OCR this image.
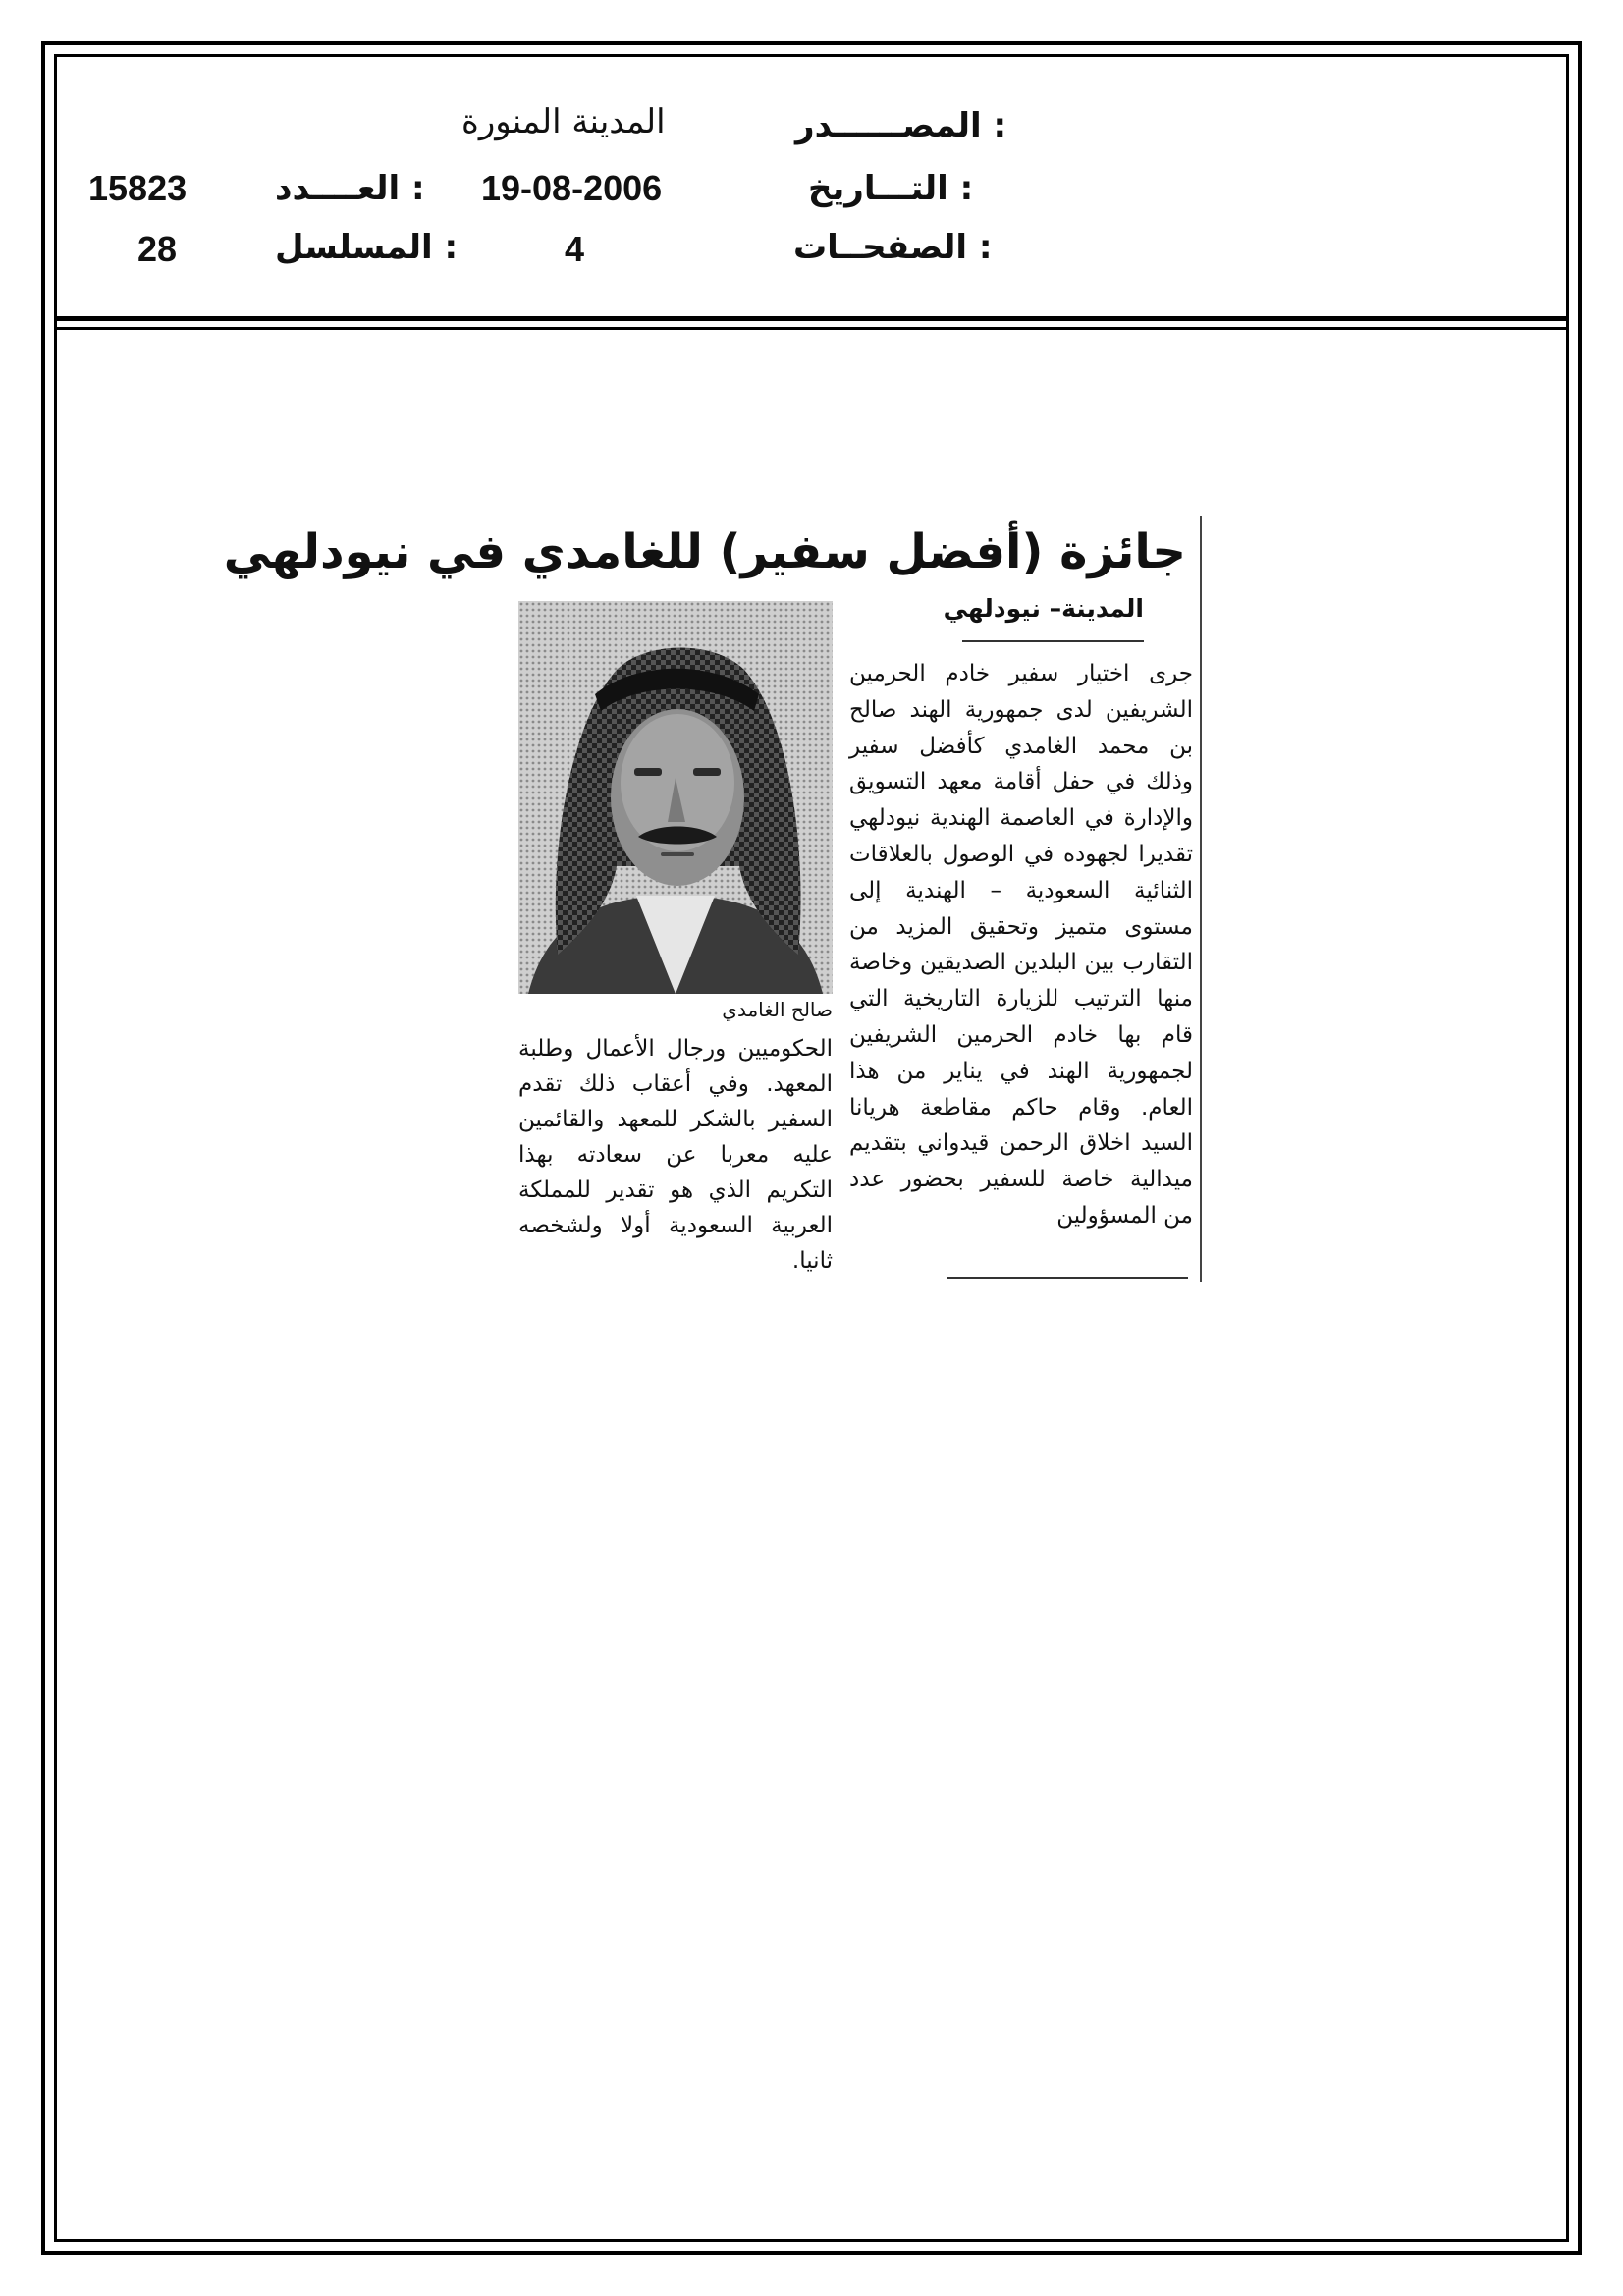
المصــــــدر :
المدينة المنورة
التـــاريخ :
19-08-2006
العــــدد :
15823
الصفحــات :
4
المسلسل :
28
جائزة (أفضل سفير) للغامدي في نيودلهي
المدينة– نيودلهي
جرى اختيار سفير خادم الحرمين الشريفين لدى جمهورية الهند صالح بن محمد الغامدي كأفضل سفير وذلك في حفل أقامة معهد التسويق والإدارة في العاصمة الهندية نيودلهي تقديرا لجهوده في الوصول بالعلاقات الثنائية السعودية – الهندية إلى مستوى متميز وتحقيق المزيد من التقارب بين البلدين الصديقين وخاصة منها الترتيب للزيارة التاريخية التي قام بها خادم الحرمين الشريفين لجمهورية الهند في يناير من هذا العام. وقام حاكم مقاطعة هريانا السيد اخلاق الرحمن قيدواني بتقديم ميدالية خاصة للسفير بحضور عدد من المسؤولين
صالح الغامدي
الحكوميين ورجال الأعمال وطلبة المعهد. وفي أعقاب ذلك تقدم السفير بالشكر للمعهد والقائمين عليه معربا عن سعادته بهذا التكريم الذي هو تقدير للمملكة العربية السعودية أولا ولشخصه ثانيا.
